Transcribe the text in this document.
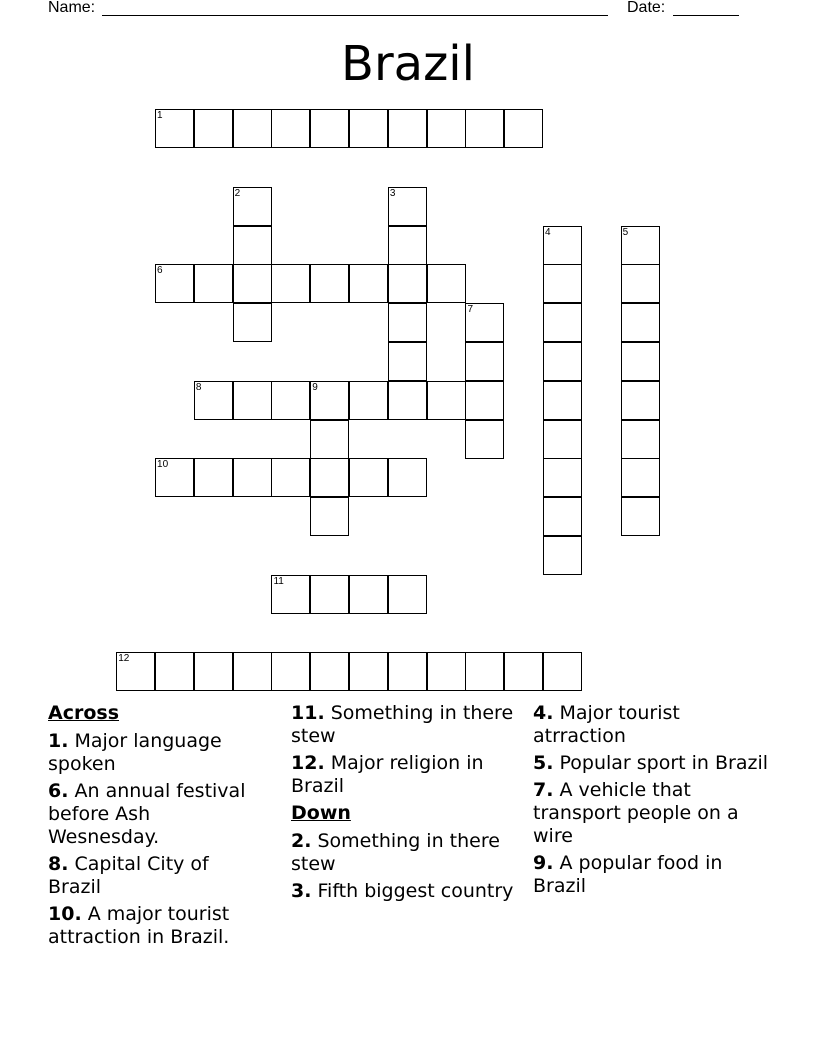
Name:	Date:
Brazil
1
6
8	9
10
11
12
2	3
4	5
7
Across
1. Major language spoken
6. An annual festival before Ash Wesnesday.
8. Capital City of Brazil
10. A major tourist attraction in Brazil.
11. Something in there stew
12. Major religion in Brazil
Down
2. Something in there stew
3. Fifth biggest country
4. Major tourist atrraction
5. Popular sport in Brazil
7. A vehicle that transport people on a wire
9. A popular food in Brazil
